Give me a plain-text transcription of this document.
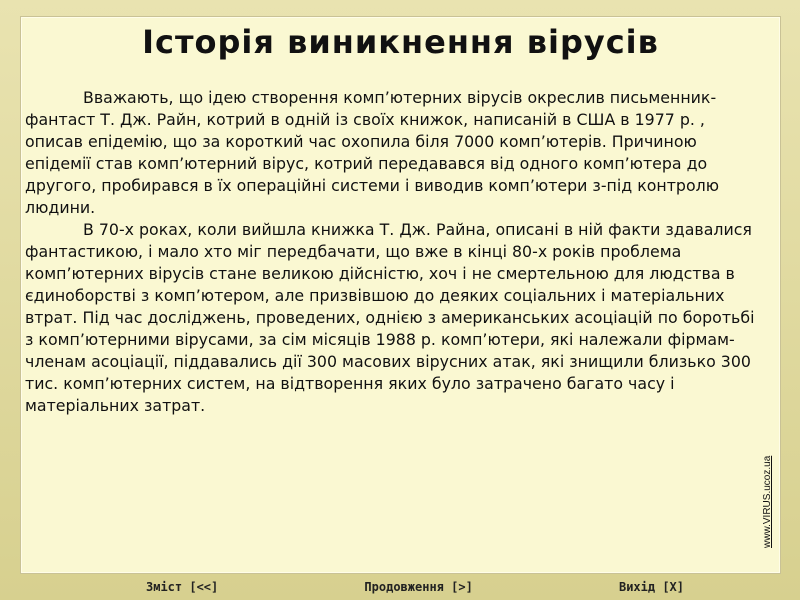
Історія виникнення вірусів

Вважають, що ідею створення комп’ютерних вірусів окреслив письменник-фантаст Т. Дж. Райн, котрий в одній із своїх книжок, написаній в США в 1977 р. , описав епідемію, що за короткий час охопила біля 7000 комп’ютерів. Причиною епідемії став комп’ютерний вірус, котрий передавався від одного комп’ютера до другого, пробирався в їх операційні системи і виводив комп’ютери з-під контролю людини.

В 70-х роках, коли вийшла книжка Т. Дж. Райна, описані в ній факти здавалися фантастикою, і мало хто міг передбачати, що вже в кінці 80-х років проблема комп’ютерних вірусів стане великою дійсністю, хоч і не смертельною для людства в єдиноборстві з комп’ютером, але призвівшою до деяких соціальних і матеріальних втрат. Під час досліджень, проведених, однією з американських асоціацій по боротьбі з комп’ютерними вірусами, за сім місяців 1988 р. комп’ютери, які належали фірмам-членам асоціації, піддавались дії 300 масових вірусних атак, які знищили близько 300 тис. комп’ютерних систем, на відтворення яких було затрачено багато часу і матеріальних затрат.

www.VIRUS.ucoz.ua
Зміст [<<]	Продовження [>]	Вихід [X]
